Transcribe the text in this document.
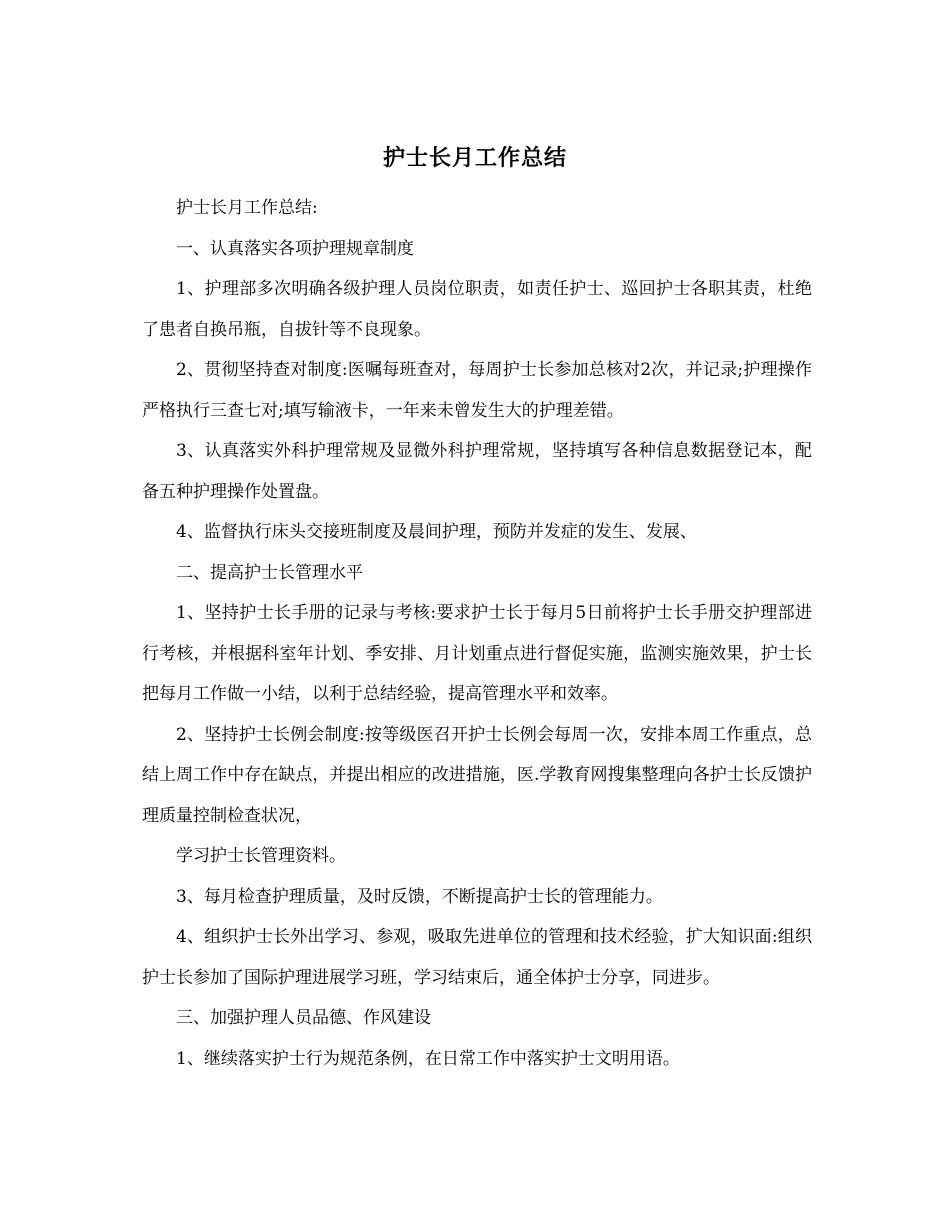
护士长月工作总结

护士长月工作总结:

一、认真落实各项护理规章制度

1、护理部多次明确各级护理人员岗位职责，如责任护士、巡回护士各职其责，杜绝了患者自换吊瓶，自拔针等不良现象。

2、贯彻坚持查对制度:医嘱每班查对，每周护士长参加总核对2次，并记录;护理操作严格执行三查七对;填写输液卡，一年来未曾发生大的护理差错。

3、认真落实外科护理常规及显微外科护理常规，坚持填写各种信息数据登记本，配备五种护理操作处置盘。

4、监督执行床头交接班制度及晨间护理，预防并发症的发生、发展、

二、提高护士长管理水平

1、坚持护士长手册的记录与考核:要求护士长于每月5日前将护士长手册交护理部进行考核，并根据科室年计划、季安排、月计划重点进行督促实施，监测实施效果，护士长把每月工作做一小结，以利于总结经验，提高管理水平和效率。

2、坚持护士长例会制度:按等级医召开护士长例会每周一次，安排本周工作重点，总结上周工作中存在缺点，并提出相应的改进措施，医.学教育网搜集整理向各护士长反馈护理质量控制检查状况，

学习护士长管理资料。

3、每月检查护理质量，及时反馈，不断提高护士长的管理能力。

4、组织护士长外出学习、参观，吸取先进单位的管理和技术经验，扩大知识面:组织护士长参加了国际护理进展学习班，学习结束后，通全体护士分享，同进步。

三、加强护理人员品德、作风建设

1、继续落实护士行为规范条例，在日常工作中落实护士文明用语。
